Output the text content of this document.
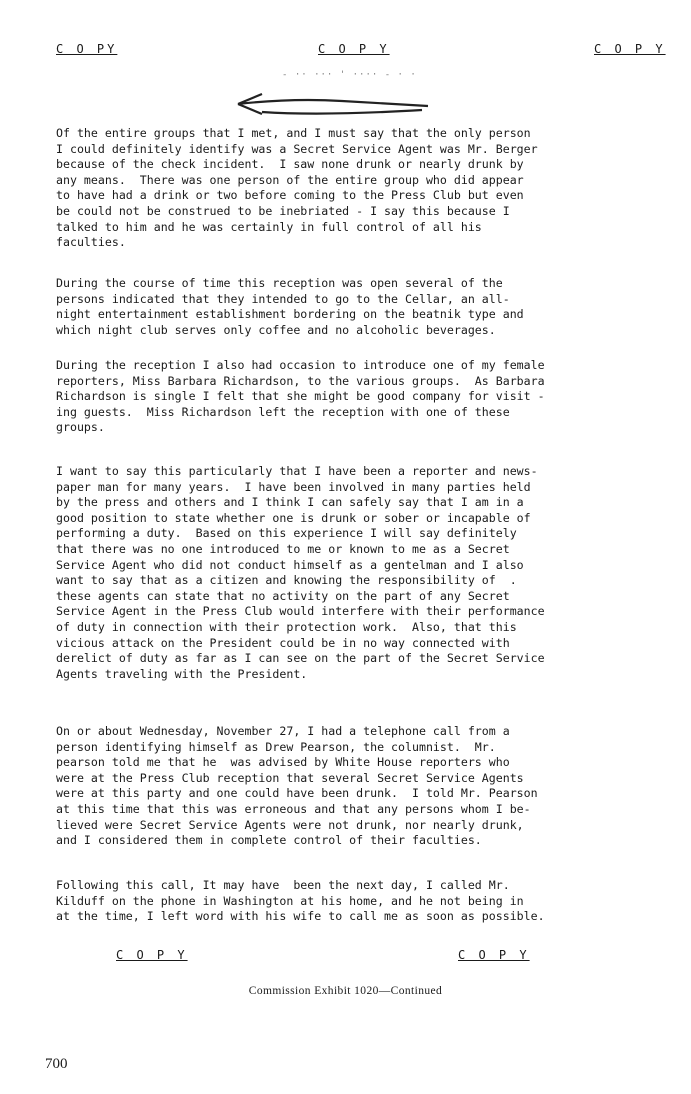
C O PY	C O P Y	C O P Y
- ·· ··· ' ···· - · ·
Of the entire groups that I met, and I must say that the only person
I could definitely identify was a Secret Service Agent was Mr. Berger
because of the check incident.  I saw none drunk or nearly drunk by
any means.  There was one person of the entire group who did appear
to have had a drink or two before coming to the Press Club but even
be could not be construed to be inebriated - I say this because I
talked to him and he was certainly in full control of all his
faculties.
During the course of time this reception was open several of the
persons indicated that they intended to go to the Cellar, an all-
night entertainment establishment bordering on the beatnik type and
which night club serves only coffee and no alcoholic beverages.
During the reception I also had occasion to introduce one of my female
reporters, Miss Barbara Richardson, to the various groups.  As Barbara
Richardson is single I felt that she might be good company for visit -
ing guests.  Miss Richardson left the reception with one of these
groups.
I want to say this particularly that I have been a reporter and news-
paper man for many years.  I have been involved in many parties held
by the press and others and I think I can safely say that I am in a
good position to state whether one is drunk or sober or incapable of
performing a duty.  Based on this experience I will say definitely
that there was no one introduced to me or known to me as a Secret
Service Agent who did not conduct himself as a gentelman and I also
want to say that as a citizen and knowing the responsibility of  .
these agents can state that no activity on the part of any Secret
Service Agent in the Press Club would interfere with their performance
of duty in connection with their protection work.  Also, that this
vicious attack on the President could be in no way connected with
derelict of duty as far as I can see on the part of the Secret Service
Agents traveling with the President.
On or about Wednesday, November 27, I had a telephone call from a
person identifying himself as Drew Pearson, the columnist.  Mr.
pearson told me that he  was advised by White House reporters who
were at the Press Club reception that several Secret Service Agents
were at this party and one could have been drunk.  I told Mr. Pearson
at this time that this was erroneous and that any persons whom I be-
lieved were Secret Service Agents were not drunk, nor nearly drunk,
and I considered them in complete control of their faculties.
Following this call, It may have  been the next day, I called Mr.
Kilduff on the phone in Washington at his home, and he not being in
at the time, I left word with his wife to call me as soon as possible.
C O P Y	C O P Y
Commission Exhibit 1020—Continued
700
